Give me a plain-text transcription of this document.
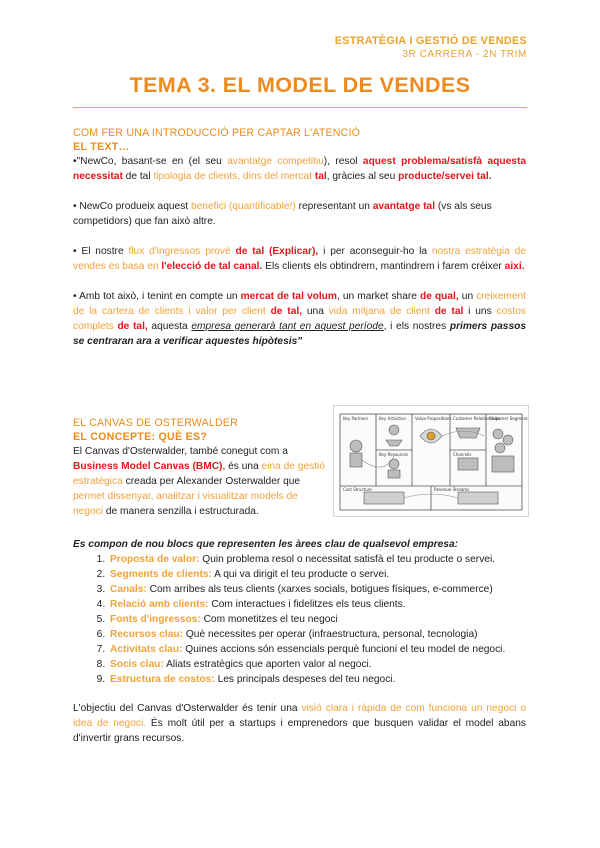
ESTRATÈGIA I GESTIÓ DE VENDES
3R CARRERA - 2N TRIM
TEMA 3. EL MODEL DE VENDES
COM FER UNA INTRODUCCIÓ PER CAPTAR L'ATENCIÓ
EL TEXT…

•"NewCo, basant-se en (el seu avantatge competitiu), resol aquest problema/satisfà aquesta necessitat de tal tipologia de clients, dins del mercat tal, gràcies al seu producte/servei tal.

• NewCo produeix aquest benefici (quantificable!) representant un avantatge tal (vs als seus
competidors) que fan això altre.

• El nostre flux d'ingressos prové de tal (Explicar), i per aconseguir-ho la nostra estratègia de vendes es basa en l'elecció de tal canal. Els clients els obtindrem, mantindrem i farem créixer així.

• Amb tot això, i tenint en compte un mercat de tal volum, un market share de qual, un creixement de la cartera de clients i valor per client de tal, una vida mitjana de client de tal i uns costos complets de tal, aquesta empresa generarà tant en aquest període, i els nostres primers passos se centraran ara a verificar aquestes hipòtesis"

EL CANVAS DE OSTERWALDER
EL CONCEPTE: QUÈ ES?

El Canvas d'Osterwalder, també conegut com a Business Model Canvas (BMC), és una eina de gestió estratègica creada per Alexander Osterwalder que permet dissenyar, analitzar i visualitzar models de negoci de manera senzilla i estructurada.

Key Partners	Key Activities Value Propositions Customer Relationships
Customer Segments
Key Resources	Channels
Cost Structure	Revenue Streams

Es compon de nou blocs que representen les àrees clau de qualsevol empresa:

1. Proposta de valor: Quin problema resol o necessitat satisfà el teu producte o servei.
2. Segments de clients: A qui va dirigit el teu producte o servei.
3. Canals: Com arribes als teus clients (xarxes socials, botigues físiques, e-commerce)
4. Relació amb clients: Com interactues i fidelitzes els teus clients.
5. Fonts d'ingressos: Com monetitzes el teu negoci
6. Recursos clau: Què necessites per operar (infraestructura, personal, tecnologia)
7. Activitats clau: Quines accions són essencials perquè funcioni el teu model de negoci.
8. Socis clau: Aliats estratègics que aporten valor al negoci.
9. Estructura de costos: Les principals despeses del teu negoci.

L'objectiu del Canvas d'Osterwalder és tenir una visió clara i ràpida de com funciona un negoci o idea de negoci. És molt útil per a startups i emprenedors que busquen validar el model abans d'invertir grans recursos.
